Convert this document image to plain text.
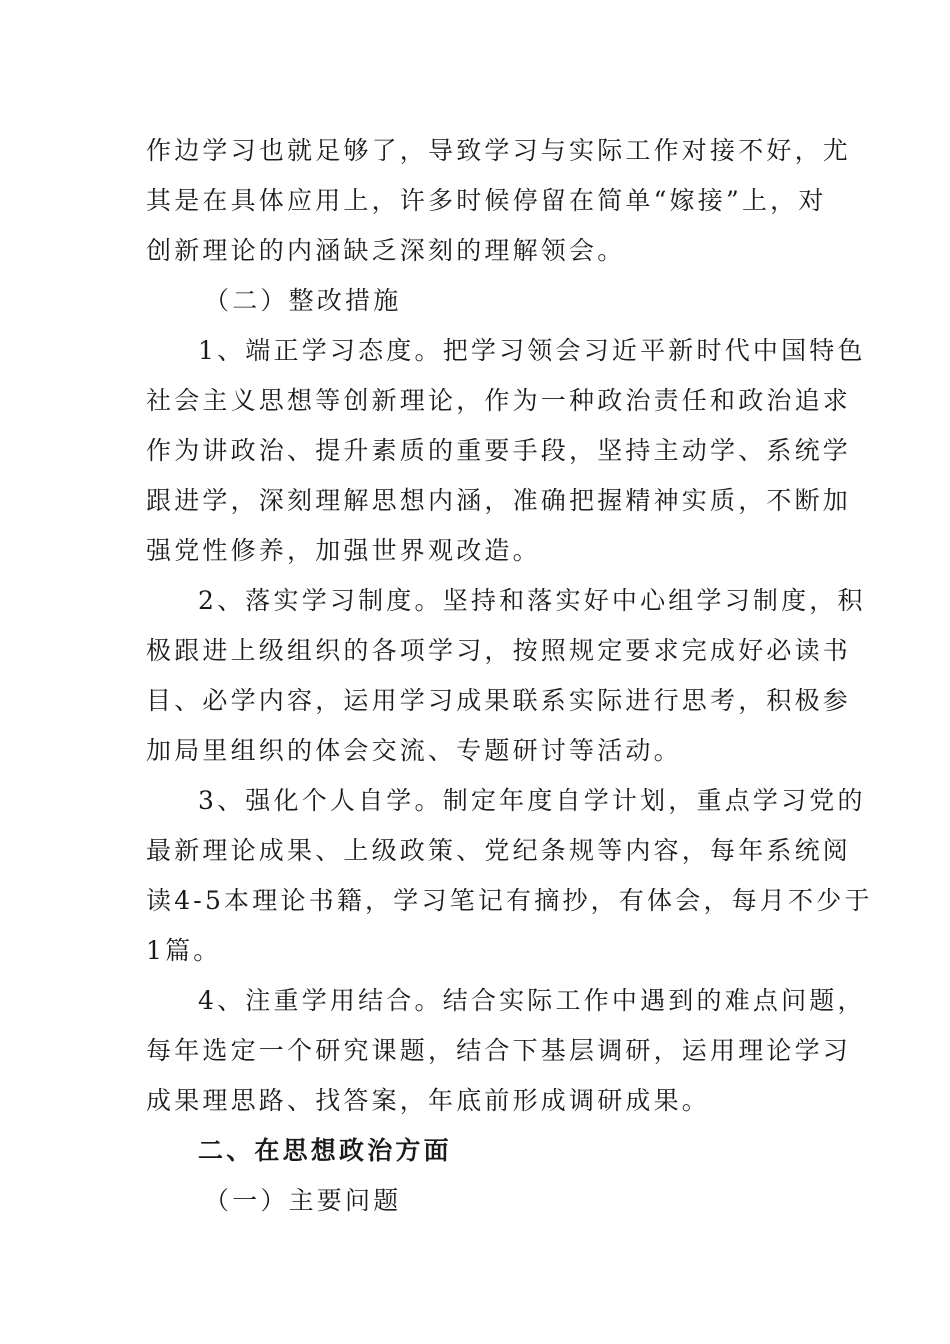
作边学习也就足够了，导致学习与实际工作对接不好，尤
其是在具体应用上，许多时候停留在简单“嫁接”上，对
创新理论的内涵缺乏深刻的理解领会。
（二）整改措施
1、端正学习态度。把学习领会习近平新时代中国特色
社会主义思想等创新理论，作为一种政治责任和政治追求
作为讲政治、提升素质的重要手段，坚持主动学、系统学
跟进学，深刻理解思想内涵，准确把握精神实质，不断加
强党性修养，加强世界观改造。
2、落实学习制度。坚持和落实好中心组学习制度，积
极跟进上级组织的各项学习，按照规定要求完成好必读书
目、必学内容，运用学习成果联系实际进行思考，积极参
加局里组织的体会交流、专题研讨等活动。
3、强化个人自学。制定年度自学计划，重点学习党的
最新理论成果、上级政策、党纪条规等内容，每年系统阅
读4-5本理论书籍，学习笔记有摘抄，有体会，每月不少于
1篇。
4、注重学用结合。结合实际工作中遇到的难点问题，
每年选定一个研究课题，结合下基层调研，运用理论学习
成果理思路、找答案，年底前形成调研成果。
二、在思想政治方面
（一）主要问题
